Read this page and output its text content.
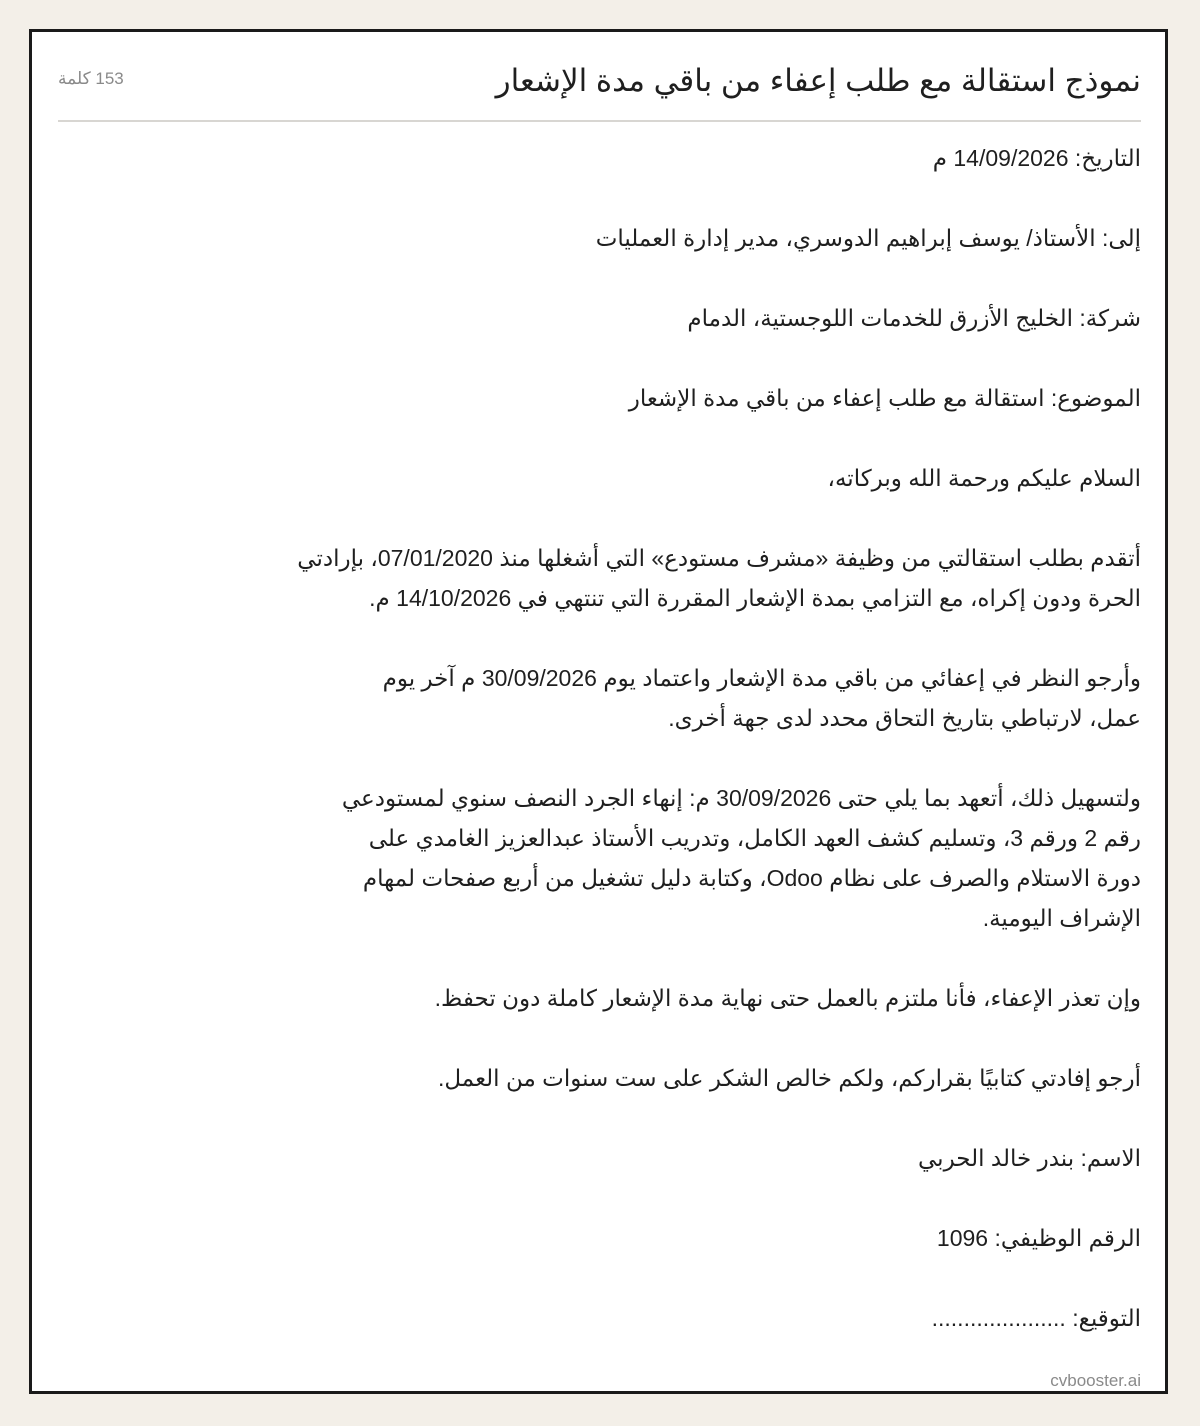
نموذج استقالة مع طلب إعفاء من باقي مدة الإشعار
153 كلمة

التاريخ: 14/09/2026 م

إلى: الأستاذ/ يوسف إبراهيم الدوسري، مدير إدارة العمليات

شركة: الخليج الأزرق للخدمات اللوجستية، الدمام

الموضوع: استقالة مع طلب إعفاء من باقي مدة الإشعار

السلام عليكم ورحمة الله وبركاته،

أتقدم بطلب استقالتي من وظيفة «مشرف مستودع» التي أشغلها منذ 07/01/2020، بإرادتي
الحرة ودون إكراه، مع التزامي بمدة الإشعار المقررة التي تنتهي في 14/10/2026 م.

وأرجو النظر في إعفائي من باقي مدة الإشعار واعتماد يوم 30/09/2026 م آخر يوم
عمل، لارتباطي بتاريخ التحاق محدد لدى جهة أخرى.

ولتسهيل ذلك، أتعهد بما يلي حتى 30/09/2026 م: إنهاء الجرد النصف سنوي لمستودعي
رقم 2 ورقم 3، وتسليم كشف العهد الكامل، وتدريب الأستاذ عبدالعزيز الغامدي على
دورة الاستلام والصرف على نظام Odoo، وكتابة دليل تشغيل من أربع صفحات لمهام
الإشراف اليومية.

وإن تعذر الإعفاء، فأنا ملتزم بالعمل حتى نهاية مدة الإشعار كاملة دون تحفظ.

أرجو إفادتي كتابيًا بقراركم، ولكم خالص الشكر على ست سنوات من العمل.

الاسم: بندر خالد الحربي

الرقم الوظيفي: 1096

التوقيع: .....................

cvbooster.ai
